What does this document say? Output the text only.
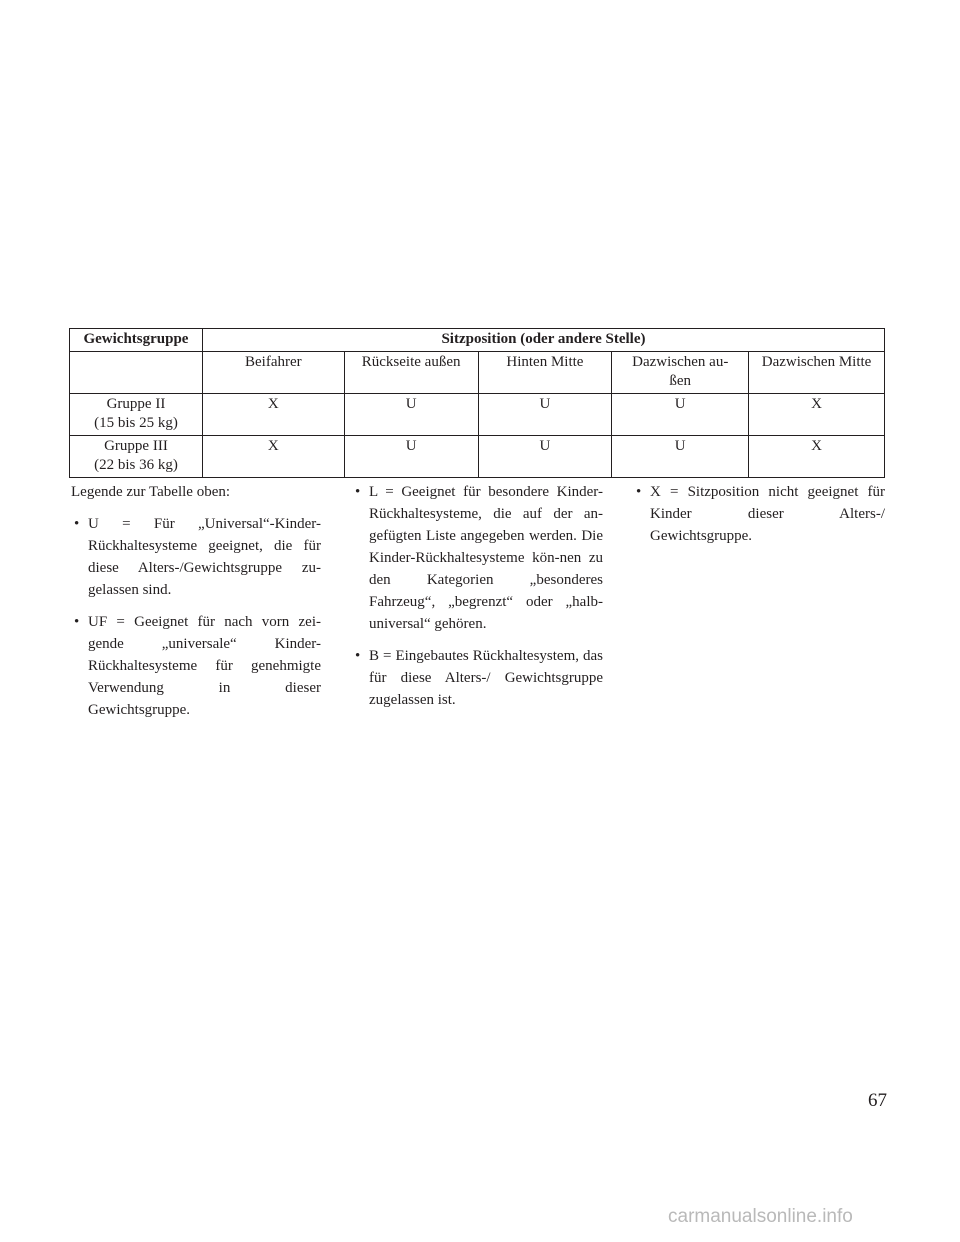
Gewichtsgruppe	Sitzposition (oder andere Stelle)				
	Beifahrer	Rückseite außen	Hinten Mitte	Dazwischen au-
ßen	Dazwischen Mitte

Gruppe II
(15 bis 25 kg)	X	U	U	U	X

Gruppe III
(22 bis 36 kg)	X	U	U	U	X

Legende zur Tabelle oben:

• U = Für „Universal“-Kinder-Rückhaltesysteme geeignet, die für diese Alters-/Gewichtsgruppe zu-gelassen sind.
• UF = Geeignet für nach vorn zei-gende „universale“ Kinder-Rückhaltesysteme für genehmigte Verwendung in dieser Gewichtsgruppe.
• L = Geeignet für besondere Kinder-Rückhaltesysteme, die auf der an-gefügten Liste angegeben werden. Die Kinder-Rückhaltesysteme kön-nen zu den Kategorien „besonderes Fahrzeug“, „begrenzt“ oder „halb-universal“ gehören.
• B = Eingebautes Rückhaltesystem, das für diese Alters-/ Gewichtsgruppe zugelassen ist.
• X = Sitzposition nicht geeignet für Kinder dieser Alters-/ Gewichtsgruppe.
67
carmanualsonline.info
